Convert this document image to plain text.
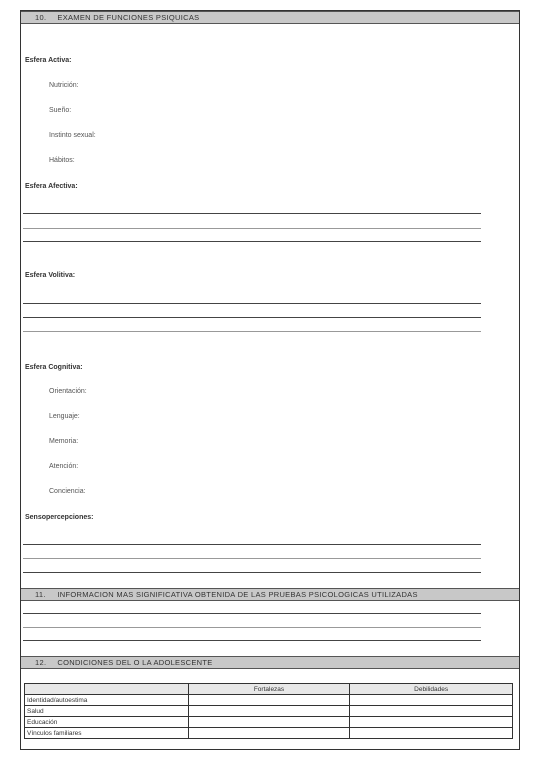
10. EXAMEN DE FUNCIONES PSIQUICAS
Esfera Activa:
Nutrición:
Sueño:
Instinto sexual:
Hábitos:
Esfera Afectiva:
Esfera Volitiva:
Esfera Cognitiva:
Orientación:
Lenguaje:
Memoria:
Atención:
Conciencia:
Sensopercepciones:
11. INFORMACION MAS SIGNIFICATIVA OBTENIDA DE LAS PRUEBAS PSICOLOGICAS UTILIZADAS
12. CONDICIONES DEL O LA ADOLESCENTE
	Fortalezas	Debilidades
Identidad/autoestima		
Salud		
Educación		
Vínculos familiares		
